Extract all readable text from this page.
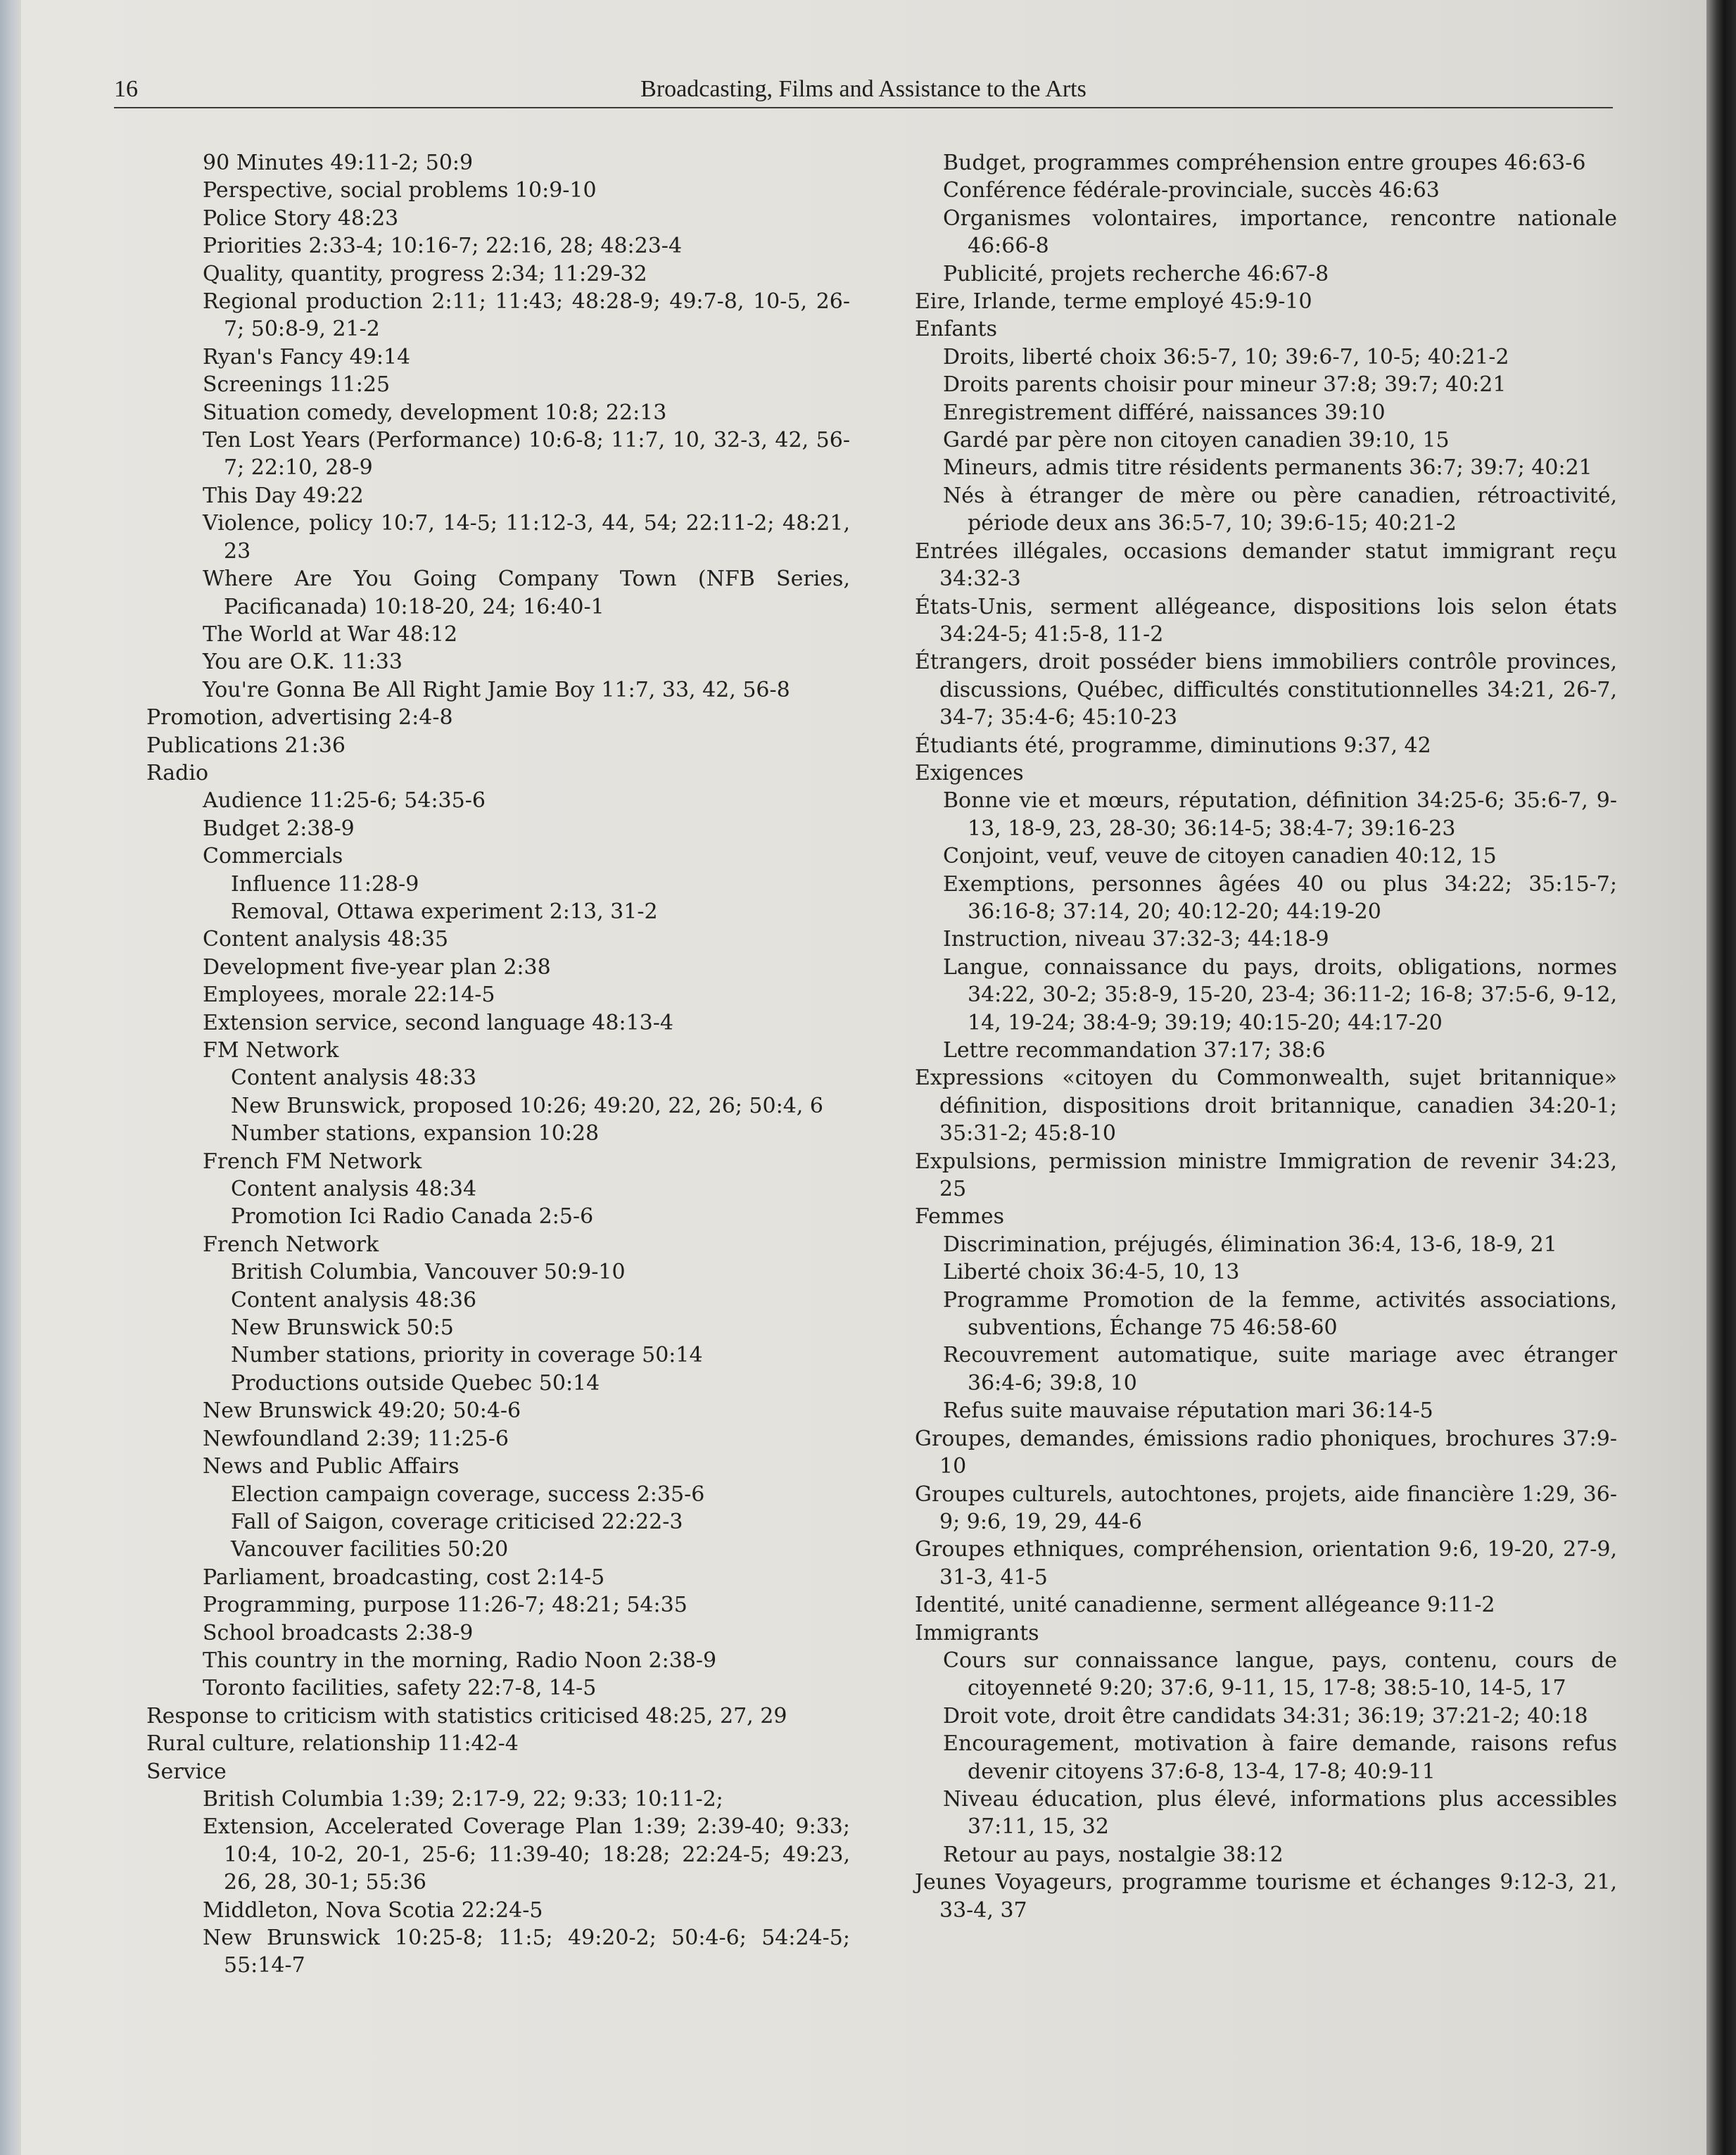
16	Broadcasting, Films and Assistance to the Arts

90 Minutes 49:11-2; 50:9

Perspective, social problems 10:9-10

Police Story 48:23

Priorities 2:33-4; 10:16-7; 22:16, 28; 48:23-4

Quality, quantity, progress 2:34; 11:29-32

Regional production 2:11; 11:43; 48:28-9; 49:7-8, 10-5, 26-7; 50:8-9, 21-2

Ryan's Fancy 49:14

Screenings 11:25

Situation comedy, development 10:8; 22:13

Ten Lost Years (Performance) 10:6-8; 11:7, 10, 32-3, 42, 56-7; 22:10, 28-9

This Day 49:22

Violence, policy 10:7, 14-5; 11:12-3, 44, 54; 22:11-2; 48:21, 23

Where Are You Going Company Town (NFB Series, Pacificanada) 10:18-20, 24; 16:40-1

The World at War 48:12

You are O.K. 11:33

You're Gonna Be All Right Jamie Boy 11:7, 33, 42, 56-8

Promotion, advertising 2:4-8

Publications 21:36

Radio

Audience 11:25-6; 54:35-6

Budget 2:38-9

Commercials

Influence 11:28-9

Removal, Ottawa experiment 2:13, 31-2

Content analysis 48:35

Development five-year plan 2:38

Employees, morale 22:14-5

Extension service, second language 48:13-4

FM Network

Content analysis 48:33

New Brunswick, proposed 10:26; 49:20, 22, 26; 50:4, 6

Number stations, expansion 10:28

French FM Network

Content analysis 48:34

Promotion Ici Radio Canada 2:5-6

French Network

British Columbia, Vancouver 50:9-10

Content analysis 48:36

New Brunswick 50:5

Number stations, priority in coverage 50:14

Productions outside Quebec 50:14

New Brunswick 49:20; 50:4-6

Newfoundland 2:39; 11:25-6

News and Public Affairs

Election campaign coverage, success 2:35-6

Fall of Saigon, coverage criticised 22:22-3

Vancouver facilities 50:20

Parliament, broadcasting, cost 2:14-5

Programming, purpose 11:26-7; 48:21; 54:35

School broadcasts 2:38-9

This country in the morning, Radio Noon 2:38-9

Toronto facilities, safety 22:7-8, 14-5

Response to criticism with statistics criticised 48:25, 27, 29

Rural culture, relationship 11:42-4

Service

British Columbia 1:39; 2:17-9, 22; 9:33; 10:11-2;

Extension, Accelerated Coverage Plan 1:39; 2:39-40; 9:33; 10:4, 10-2, 20-1, 25-6; 11:39-40; 18:28; 22:24-5; 49:23, 26, 28, 30-1; 55:36

Middleton, Nova Scotia 22:24-5

New Brunswick 10:25-8; 11:5; 49:20-2; 50:4-6; 54:24-5; 55:14-7

Budget, programmes compréhension entre groupes 46:63-6

Conférence fédérale-provinciale, succès 46:63

Organismes volontaires, importance, rencontre nationale 46:66-8

Publicité, projets recherche 46:67-8

Eire, Irlande, terme employé 45:9-10

Enfants

Droits, liberté choix 36:5-7, 10; 39:6-7, 10-5; 40:21-2

Droits parents choisir pour mineur 37:8; 39:7; 40:21

Enregistrement différé, naissances 39:10

Gardé par père non citoyen canadien 39:10, 15

Mineurs, admis titre résidents permanents 36:7; 39:7; 40:21

Nés à étranger de mère ou père canadien, rétroactivité, période deux ans 36:5-7, 10; 39:6-15; 40:21-2

Entrées illégales, occasions demander statut immigrant reçu 34:32-3

États-Unis, serment allégeance, dispositions lois selon états 34:24-5; 41:5-8, 11-2

Étrangers, droit posséder biens immobiliers contrôle provinces, discussions, Québec, difficultés constitutionnelles 34:21, 26-7, 34-7; 35:4-6; 45:10-23

Étudiants été, programme, diminutions 9:37, 42

Exigences

Bonne vie et mœurs, réputation, définition 34:25-6; 35:6-7, 9-13, 18-9, 23, 28-30; 36:14-5; 38:4-7; 39:16-23

Conjoint, veuf, veuve de citoyen canadien 40:12, 15

Exemptions, personnes âgées 40 ou plus 34:22; 35:15-7; 36:16-8; 37:14, 20; 40:12-20; 44:19-20

Instruction, niveau 37:32-3; 44:18-9

Langue, connaissance du pays, droits, obligations, normes 34:22, 30-2; 35:8-9, 15-20, 23-4; 36:11-2; 16-8; 37:5-6, 9-12, 14, 19-24; 38:4-9; 39:19; 40:15-20; 44:17-20

Lettre recommandation 37:17; 38:6

Expressions «citoyen du Commonwealth, sujet britannique» définition, dispositions droit britannique, canadien 34:20-1; 35:31-2; 45:8-10

Expulsions, permission ministre Immigration de revenir 34:23, 25

Femmes

Discrimination, préjugés, élimination 36:4, 13-6, 18-9, 21

Liberté choix 36:4-5, 10, 13

Programme Promotion de la femme, activités associations, subventions, Échange 75 46:58-60

Recouvrement automatique, suite mariage avec étranger 36:4-6; 39:8, 10

Refus suite mauvaise réputation mari 36:14-5

Groupes, demandes, émissions radio phoniques, brochures 37:9-10

Groupes culturels, autochtones, projets, aide financière 1:29, 36-9; 9:6, 19, 29, 44-6

Groupes ethniques, compréhension, orientation 9:6, 19-20, 27-9, 31-3, 41-5

Identité, unité canadienne, serment allégeance 9:11-2

Immigrants

Cours sur connaissance langue, pays, contenu, cours de citoyenneté 9:20; 37:6, 9-11, 15, 17-8; 38:5-10, 14-5, 17

Droit vote, droit être candidats 34:31; 36:19; 37:21-2; 40:18

Encouragement, motivation à faire demande, raisons refus devenir citoyens 37:6-8, 13-4, 17-8; 40:9-11

Niveau éducation, plus élevé, informations plus accessibles 37:11, 15, 32

Retour au pays, nostalgie 38:12

Jeunes Voyageurs, programme tourisme et échanges 9:12-3, 21, 33-4, 37
